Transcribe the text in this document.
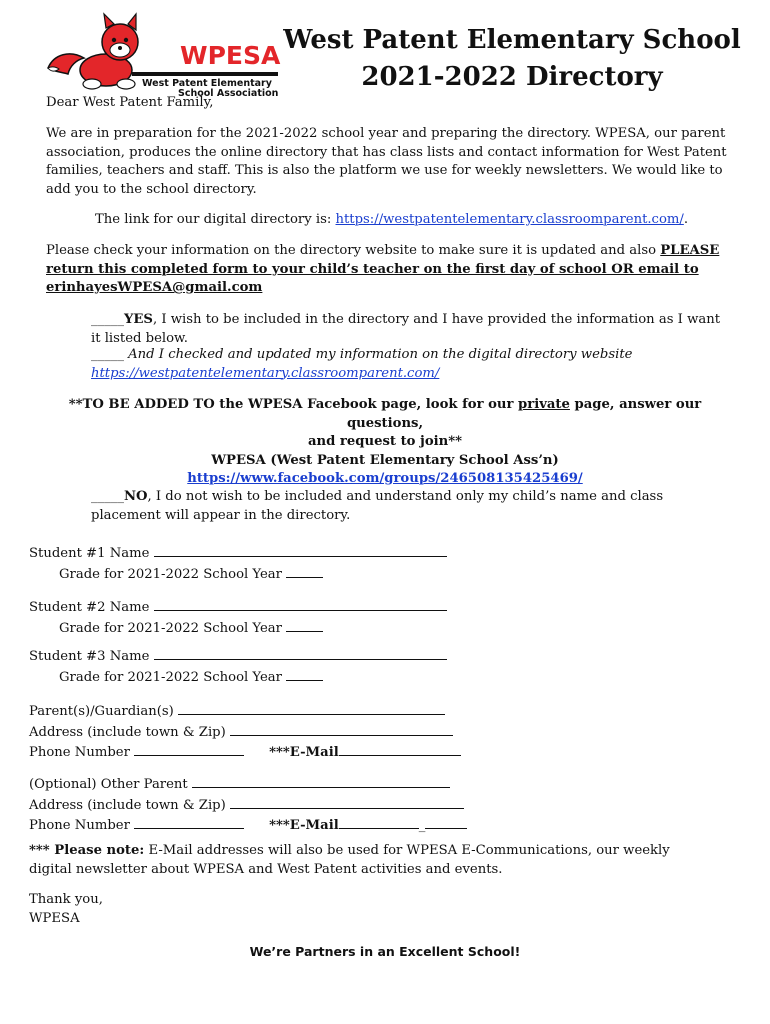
WPESA
West Patent Elementary
School Association
West Patent Elementary School
2021-2022 Directory
Dear West Patent Family,
We are in preparation for the 2021-2022 school year and preparing the directory. WPESA, our parent association, produces the online directory that has class lists and contact information for West Patent families, teachers and staff. This is also the platform we use for weekly newsletters. We would like to add you to the school directory.
The link for our digital directory is: https://westpatentelementary.classroomparent.com/.
Please check your information on the directory website to make sure it is updated and also PLEASE return this completed form to your child’s teacher on the first day of school OR email to erinhayesWPESA@gmail.com
_____YES, I wish to be included in the directory and I have provided the information as I want it listed below.
_____ And I checked and updated my information on the digital directory website
https://westpatentelementary.classroomparent.com/
**TO BE ADDED TO the WPESA Facebook page, look for our private page, answer our questions,
and request to join**
WPESA (West Patent Elementary School Ass’n)
https://www.facebook.com/groups/246508135425469/
_____NO, I do not wish to be included and understand only my child’s name and class placement will appear in the directory.
Student #1 Name
Grade for 2021-2022 School Year
Student #2 Name
Grade for 2021-2022 School Year
Student #3 Name
Grade for 2021-2022 School Year
Parent(s)/Guardian(s)
Address (include town & Zip)
Phone Number	***E-Mail
(Optional) Other Parent
Address (include town & Zip)
Phone Number	***E-Mail	_
*** Please note: E-Mail addresses will also be used for WPESA E-Communications, our weekly digital newsletter about WPESA and West Patent activities and events.
Thank you,
WPESA
We’re Partners in an Excellent School!
